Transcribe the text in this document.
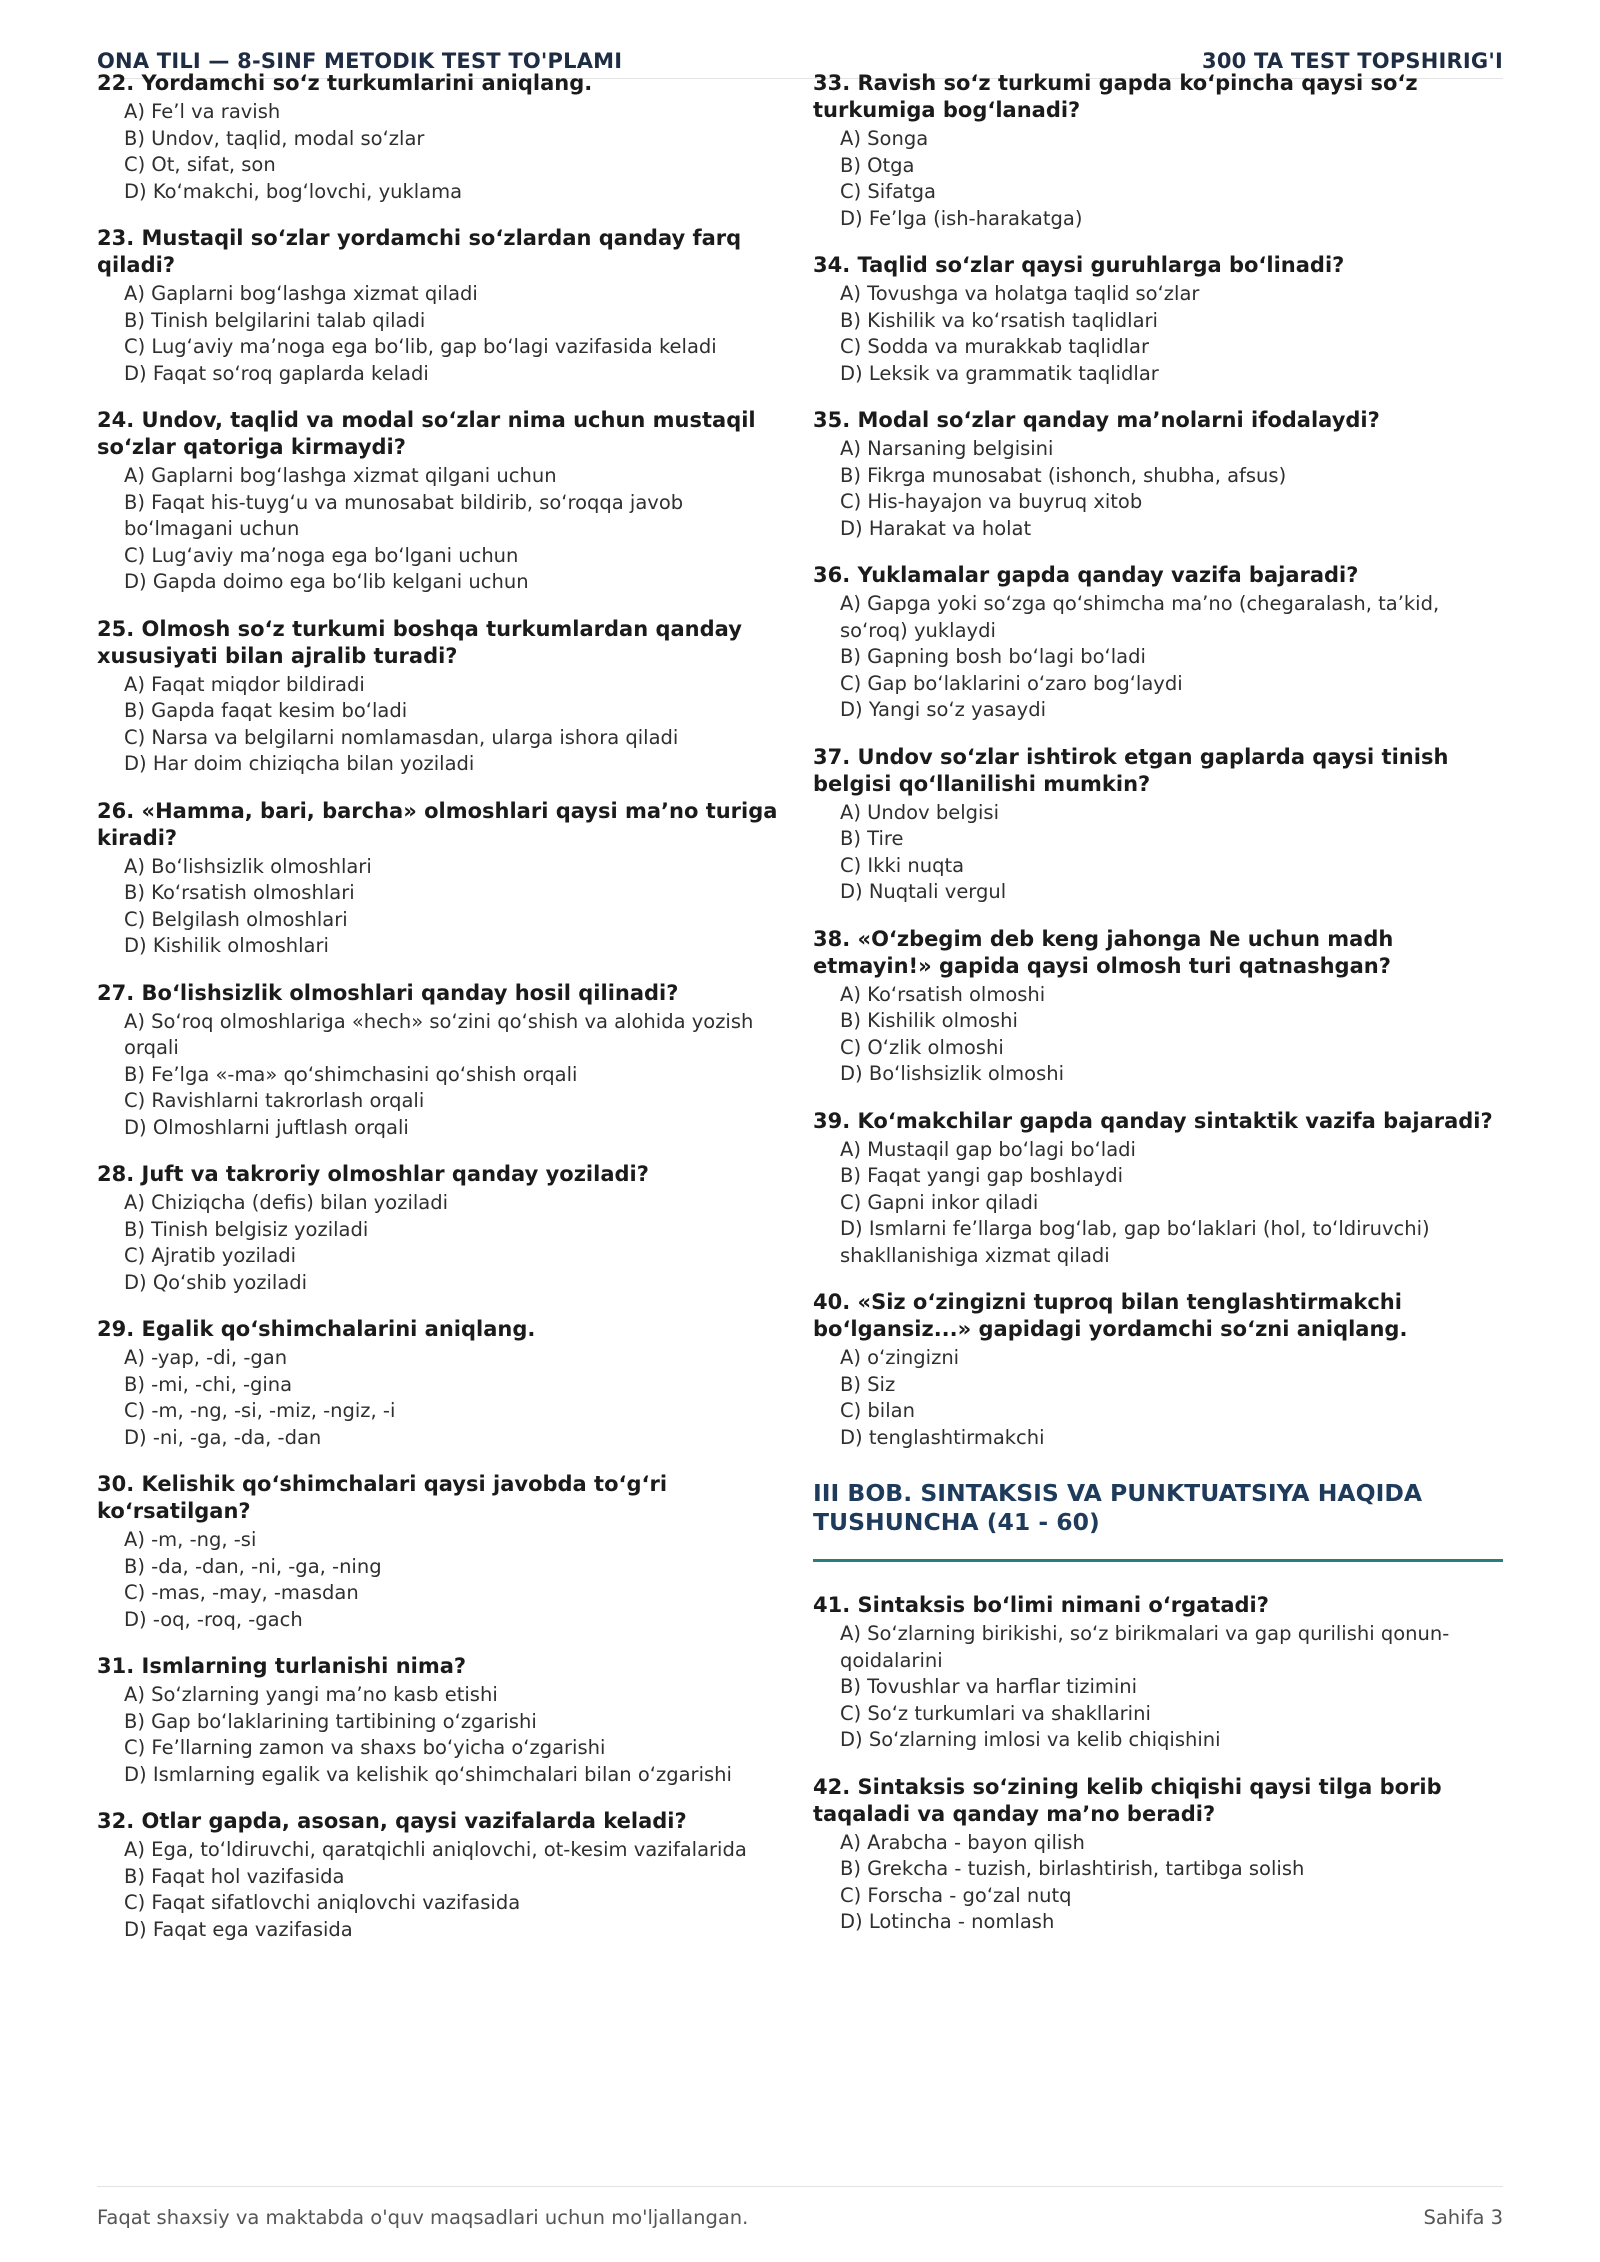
ONA TILI — 8-SINF METODIK TEST TO'PLAMI	300 TA TEST TOPSHIRIG'I
22. Yordamchi so‘z turkumlarini aniqlang.
A) Fe’l va ravish
B) Undov, taqlid, modal so‘zlar
C) Ot, sifat, son
D) Ko‘makchi, bog‘lovchi, yuklama
23. Mustaqil so‘zlar yordamchi so‘zlardan qanday farq qiladi?
A) Gaplarni bog‘lashga xizmat qiladi
B) Tinish belgilarini talab qiladi
C) Lug‘aviy ma’noga ega bo‘lib, gap bo‘lagi vazifasida keladi
D) Faqat so‘roq gaplarda keladi
24. Undov, taqlid va modal so‘zlar nima uchun mustaqil so‘zlar qatoriga kirmaydi?
A) Gaplarni bog‘lashga xizmat qilgani uchun
B) Faqat his-tuyg‘u va munosabat bildirib, so‘roqqa javob bo‘lmagani uchun
C) Lug‘aviy ma’noga ega bo‘lgani uchun
D) Gapda doimo ega bo‘lib kelgani uchun
25. Olmosh so‘z turkumi boshqa turkumlardan qanday xususiyati bilan ajralib turadi?
A) Faqat miqdor bildiradi
B) Gapda faqat kesim bo‘ladi
C) Narsa va belgilarni nomlamasdan, ularga ishora qiladi
D) Har doim chiziqcha bilan yoziladi
26. «Hamma, bari, barcha» olmoshlari qaysi ma’no turiga kiradi?
A) Bo‘lishsizlik olmoshlari
B) Ko‘rsatish olmoshlari
C) Belgilash olmoshlari
D) Kishilik olmoshlari
27. Bo‘lishsizlik olmoshlari qanday hosil qilinadi?
A) So‘roq olmoshlariga «hech» so‘zini qo‘shish va alohida yozish orqali
B) Fe’lga «-ma» qo‘shimchasini qo‘shish orqali
C) Ravishlarni takrorlash orqali
D) Olmoshlarni juftlash orqali
28. Juft va takroriy olmoshlar qanday yoziladi?
A) Chiziqcha (defis) bilan yoziladi
B) Tinish belgisiz yoziladi
C) Ajratib yoziladi
D) Qo‘shib yoziladi
29. Egalik qo‘shimchalarini aniqlang.
A) -yap, -di, -gan
B) -mi, -chi, -gina
C) -m, -ng, -si, -miz, -ngiz, -i
D) -ni, -ga, -da, -dan
30. Kelishik qo‘shimchalari qaysi javobda to‘g‘ri ko‘rsatilgan?
A) -m, -ng, -si
B) -da, -dan, -ni, -ga, -ning
C) -mas, -may, -masdan
D) -oq, -roq, -gach
31. Ismlarning turlanishi nima?
A) So‘zlarning yangi ma’no kasb etishi
B) Gap bo‘laklarining tartibining o‘zgarishi
C) Fe’llarning zamon va shaxs bo‘yicha o‘zgarishi
D) Ismlarning egalik va kelishik qo‘shimchalari bilan o‘zgarishi
32. Otlar gapda, asosan, qaysi vazifalarda keladi?
A) Ega, to‘ldiruvchi, qaratqichli aniqlovchi, ot-kesim vazifalarida
B) Faqat hol vazifasida
C) Faqat sifatlovchi aniqlovchi vazifasida
D) Faqat ega vazifasida
33. Ravish so‘z turkumi gapda ko‘pincha qaysi so‘z turkumiga bog‘lanadi?
A) Songa
B) Otga
C) Sifatga
D) Fe’lga (ish-harakatga)
34. Taqlid so‘zlar qaysi guruhlarga bo‘linadi?
A) Tovushga va holatga taqlid so‘zlar
B) Kishilik va ko‘rsatish taqlidlari
C) Sodda va murakkab taqlidlar
D) Leksik va grammatik taqlidlar
35. Modal so‘zlar qanday ma’nolarni ifodalaydi?
A) Narsaning belgisini
B) Fikrga munosabat (ishonch, shubha, afsus)
C) His-hayajon va buyruq xitob
D) Harakat va holat
36. Yuklamalar gapda qanday vazifa bajaradi?
A) Gapga yoki so‘zga qo‘shimcha ma’no (chegaralash, ta’kid, so‘roq) yuklaydi
B) Gapning bosh bo‘lagi bo‘ladi
C) Gap bo‘laklarini o‘zaro bog‘laydi
D) Yangi so‘z yasaydi
37. Undov so‘zlar ishtirok etgan gaplarda qaysi tinish belgisi qo‘llanilishi mumkin?
A) Undov belgisi
B) Tire
C) Ikki nuqta
D) Nuqtali vergul
38. «O‘zbegim deb keng jahonga Ne uchun madh etmayin!» gapida qaysi olmosh turi qatnashgan?
A) Ko‘rsatish olmoshi
B) Kishilik olmoshi
C) O‘zlik olmoshi
D) Bo‘lishsizlik olmoshi
39. Ko‘makchilar gapda qanday sintaktik vazifa bajaradi?
A) Mustaqil gap bo‘lagi bo‘ladi
B) Faqat yangi gap boshlaydi
C) Gapni inkor qiladi
D) Ismlarni fe’llarga bog‘lab, gap bo‘laklari (hol, to‘ldiruvchi) shakllanishiga xizmat qiladi
40. «Siz o‘zingizni tuproq bilan tenglashtirmakchi bo‘lgansiz...» gapidagi yordamchi so‘zni aniqlang.
A) o‘zingizni
B) Siz
C) bilan
D) tenglashtirmakchi
III BOB. SINTAKSIS VA PUNKTUATSIYA HAQIDA TUSHUNCHA (41 - 60)
41. Sintaksis bo‘limi nimani o‘rgatadi?
A) So‘zlarning birikishi, so‘z birikmalari va gap qurilishi qonun-qoidalarini
B) Tovushlar va harflar tizimini
C) So‘z turkumlari va shakllarini
D) So‘zlarning imlosi va kelib chiqishini
42. Sintaksis so‘zining kelib chiqishi qaysi tilga borib taqaladi va qanday ma’no beradi?
A) Arabcha - bayon qilish
B) Grekcha - tuzish, birlashtirish, tartibga solish
C) Forscha - go‘zal nutq
D) Lotincha - nomlash
Faqat shaxsiy va maktabda o'quv maqsadlari uchun mo'ljallangan.	Sahifa 3
